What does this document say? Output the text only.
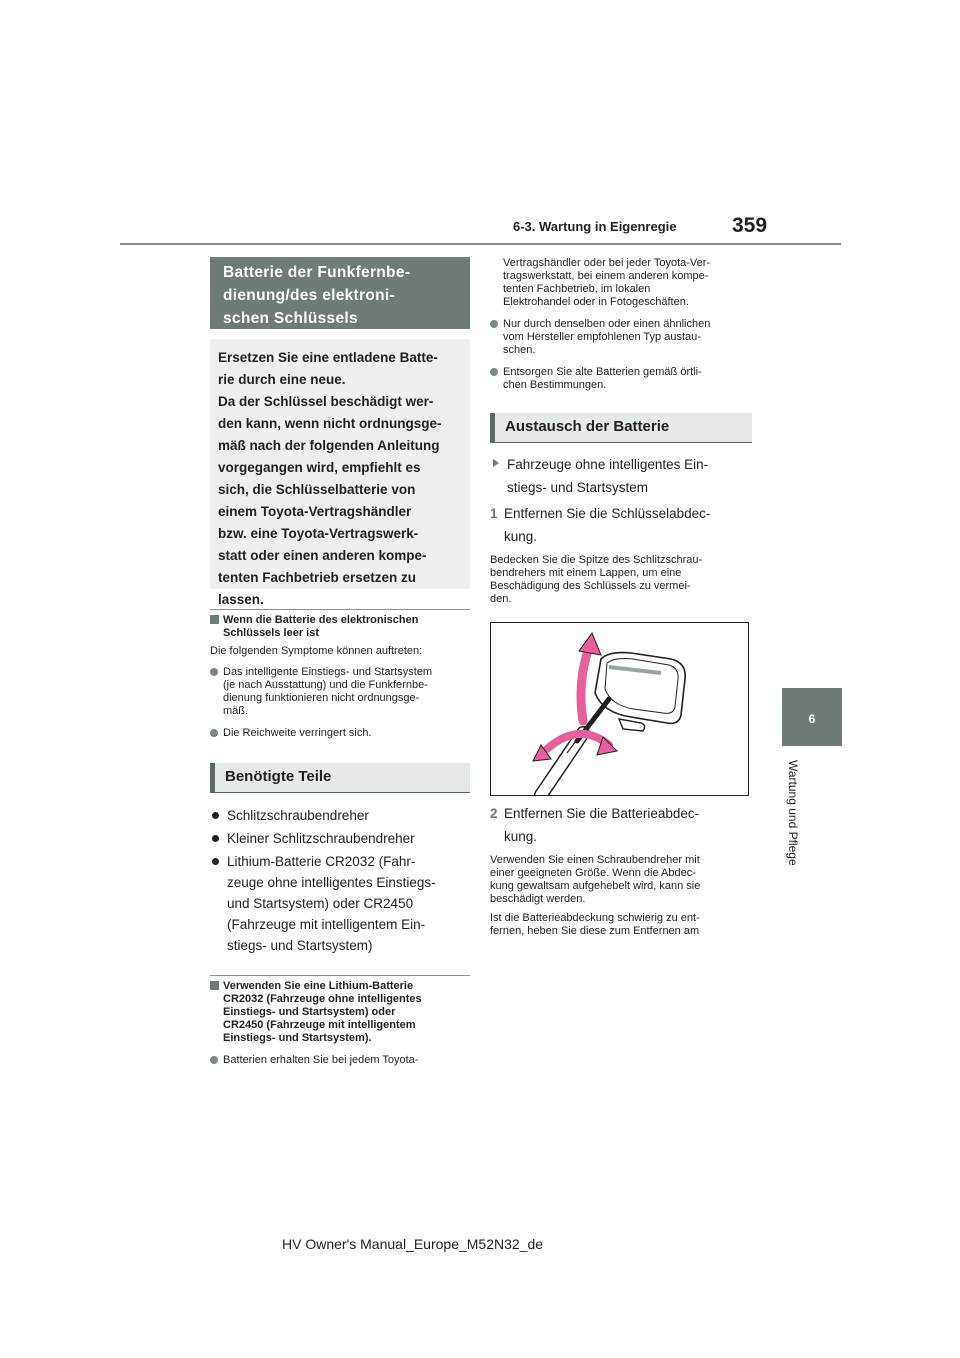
359
6-3. Wartung in Eigenregie
6
Wartung und Pflege
Batterie der Funkfernbe-
dienung/des elektroni-
schen Schlüssels
Ersetzen Sie eine entladene Batte-
rie durch eine neue.
Da der Schlüssel beschädigt wer-
den kann, wenn nicht ordnungsge-
mäß nach der folgenden Anleitung
vorgegangen wird, empfiehlt es
sich, die Schlüsselbatterie von
einem Toyota-Vertragshändler
bzw. eine Toyota-Vertragswerk-
statt oder einen anderen kompe-
tenten Fachbetrieb ersetzen zu
lassen.
Wenn die Batterie des elektronischen
Schlüssels leer ist
Die folgenden Symptome können auftreten:
Das intelligente Einstiegs- und Startsystem
(je nach Ausstattung) und die Funkfernbe-
dienung funktionieren nicht ordnungsge-
mäß.
Die Reichweite verringert sich.
Benötigte Teile
Schlitzschraubendreher
Kleiner Schlitzschraubendreher
Lithium-Batterie CR2032 (Fahr-
zeuge ohne intelligentes Einstiegs-
und Startsystem) oder CR2450
(Fahrzeuge mit intelligentem Ein-
stiegs- und Startsystem)
Verwenden Sie eine Lithium-Batterie
CR2032 (Fahrzeuge ohne intelligentes
Einstiegs- und Startsystem) oder
CR2450 (Fahrzeuge mit intelligentem
Einstiegs- und Startsystem).
Batterien erhalten Sie bei jedem Toyota-
Vertragshändler oder bei jeder Toyota-Ver-
tragswerkstatt, bei einem anderen kompe-
tenten Fachbetrieb, im lokalen
Elektrohandel oder in Fotogeschäften.
Nur durch denselben oder einen ähnlichen
vom Hersteller empfohlenen Typ austau-
schen.
Entsorgen Sie alte Batterien gemäß örtli-
chen Bestimmungen.
Austausch der Batterie
Fahrzeuge ohne intelligentes Ein-
stiegs- und Startsystem
1 Entfernen Sie die Schlüsselabdec-
kung.
Bedecken Sie die Spitze des Schlitzschrau-
bendrehers mit einem Lappen, um eine
Beschädigung des Schlüssels zu vermei-
den.
2 Entfernen Sie die Batterieabdec-
kung.
Verwenden Sie einen Schraubendreher mit
einer geeigneten Größe. Wenn die Abdec-
kung gewaltsam aufgehebelt wird, kann sie
beschädigt werden.
Ist die Batterieabdeckung schwierig zu ent-
fernen, heben Sie diese zum Entfernen am
HV Owner's Manual_Europe_M52N32_de
